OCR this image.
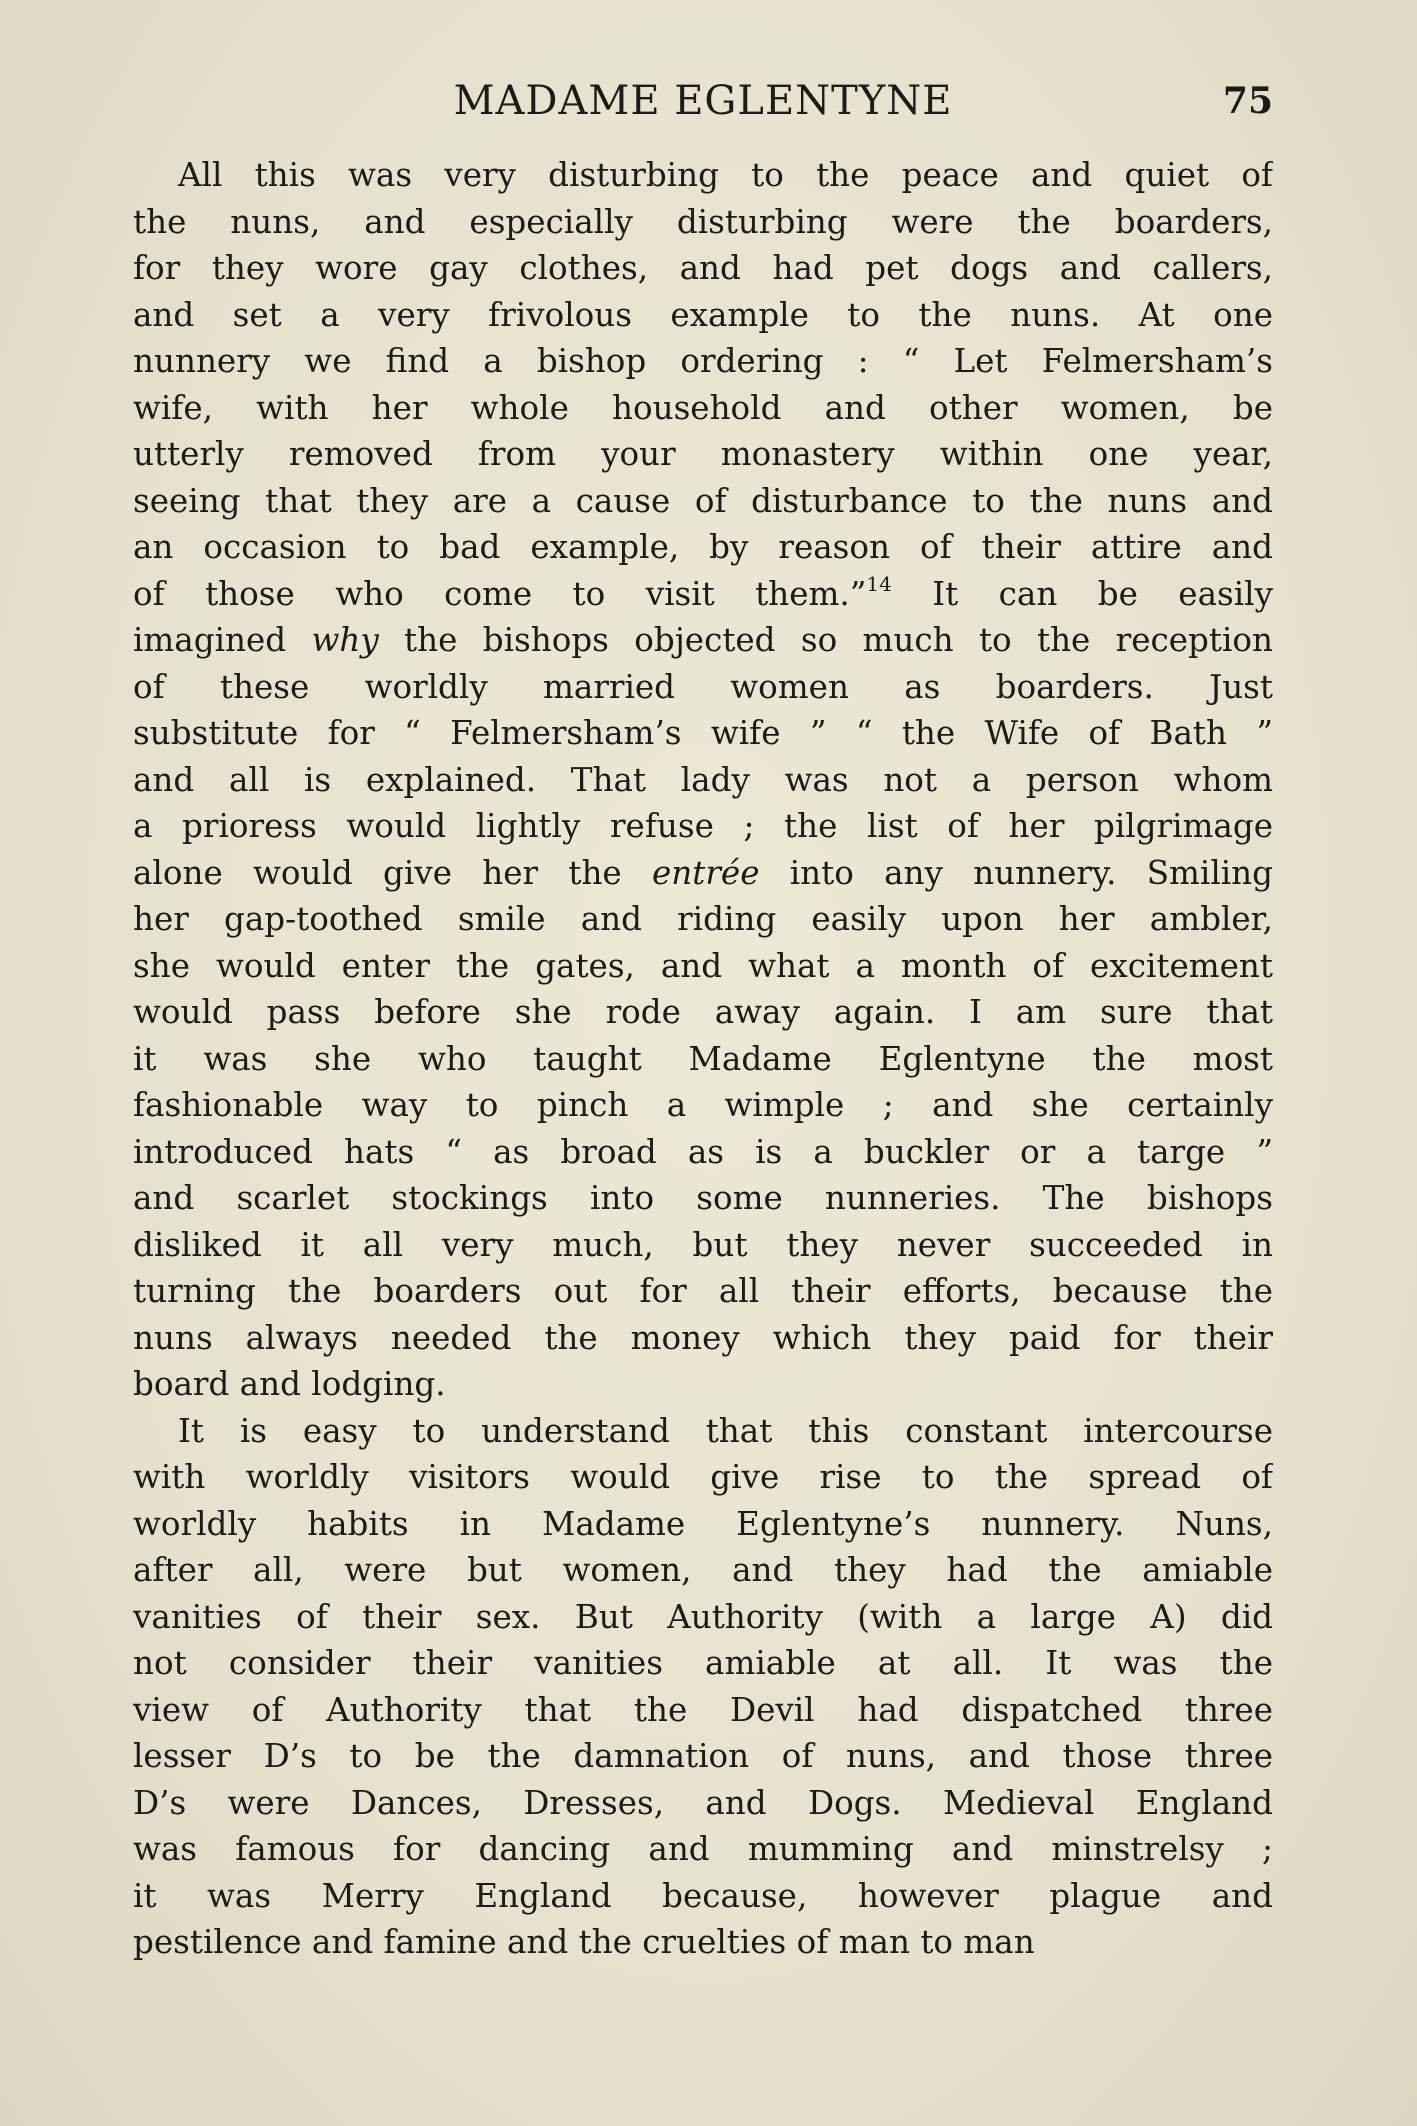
MADAME EGLENTYNE	75
All this was very disturbing to the peace and quiet of
the nuns, and especially disturbing were the boarders,
for they wore gay clothes, and had pet dogs and callers,
and set a very frivolous example to the nuns. At one
nunnery we find a bishop ordering : “ Let Felmersham’s
wife, with her whole household and other women, be
utterly removed from your monastery within one year,
seeing that they are a cause of disturbance to the nuns and
an occasion to bad example, by reason of their attire and
of those who come to visit them.”$^{14}$ It can be easily
imagined why the bishops objected so much to the reception
of these worldly married women as boarders. Just
substitute for “ Felmersham’s wife ” “ the Wife of Bath ”
and all is explained. That lady was not a person whom
a prioress would lightly refuse ; the list of her pilgrimage
alone would give her the entrée into any nunnery. Smiling
her gap-toothed smile and riding easily upon her ambler,
she would enter the gates, and what a month of excitement
would pass before she rode away again. I am sure that
it was she who taught Madame Eglentyne the most
fashionable way to pinch a wimple ; and she certainly
introduced hats “ as broad as is a buckler or a targe ”
and scarlet stockings into some nunneries. The bishops
disliked it all very much, but they never succeeded in
turning the boarders out for all their efforts, because the
nuns always needed the money which they paid for their
board and lodging.
It is easy to understand that this constant intercourse
with worldly visitors would give rise to the spread of
worldly habits in Madame Eglentyne’s nunnery. Nuns,
after all, were but women, and they had the amiable
vanities of their sex. But Authority (with a large A) did
not consider their vanities amiable at all. It was the
view of Authority that the Devil had dispatched three
lesser D’s to be the damnation of nuns, and those three
D’s were Dances, Dresses, and Dogs. Medieval England
was famous for dancing and mumming and minstrelsy ;
it was Merry England because, however plague and
pestilence and famine and the cruelties of man to man
